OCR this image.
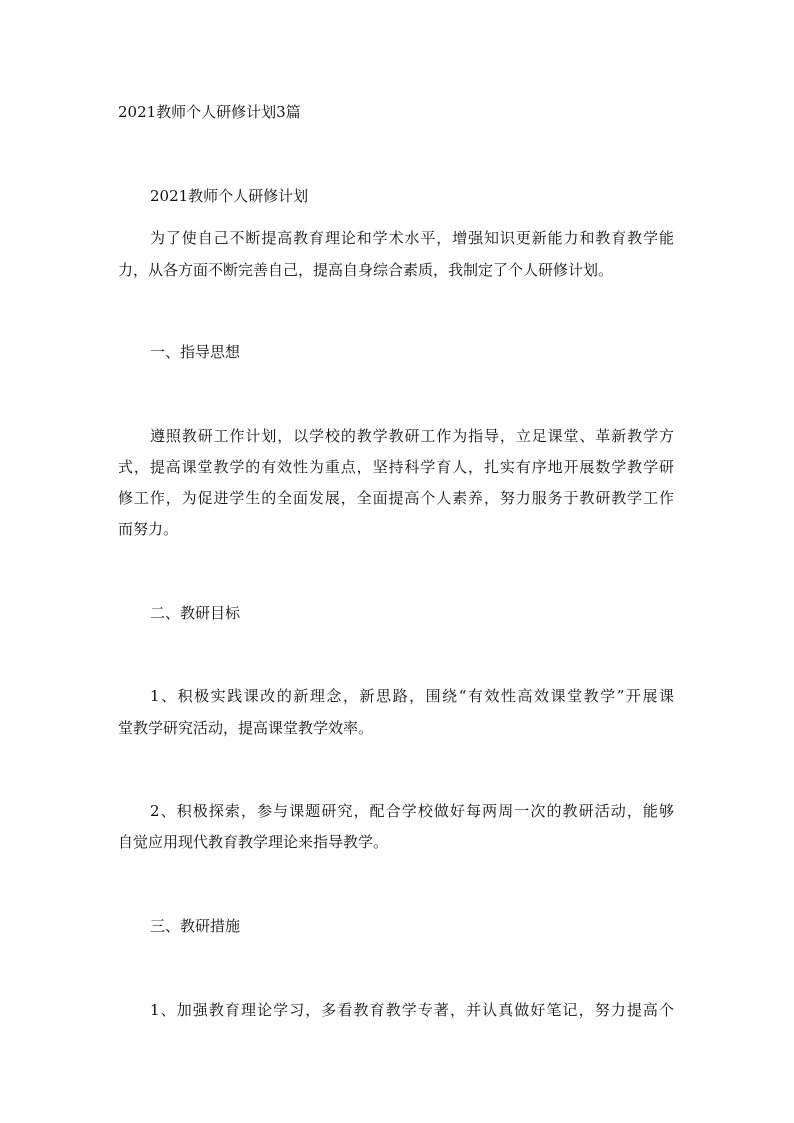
2021教师个人研修计划3篇
2021教师个人研修计划
为了使自己不断提高教育理论和学术水平，增强知识更新能力和教育教学能
力，从各方面不断完善自己，提高自身综合素质，我制定了个人研修计划。
一、指导思想
遵照教研工作计划，以学校的教学教研工作为指导，立足课堂、革新教学方
式，提高课堂教学的有效性为重点，坚持科学育人，扎实有序地开展数学教学研
修工作，为促进学生的全面发展，全面提高个人素养，努力服务于教研教学工作
而努力。
二、教研目标
1、积极实践课改的新理念，新思路，围绕“有效性高效课堂教学”开展课
堂教学研究活动，提高课堂教学效率。
2、积极探索，参与课题研究，配合学校做好每两周一次的教研活动，能够
自觉应用现代教育教学理论来指导教学。
三、教研措施
1、加强教育理论学习，多看教育教学专著，并认真做好笔记，努力提高个
